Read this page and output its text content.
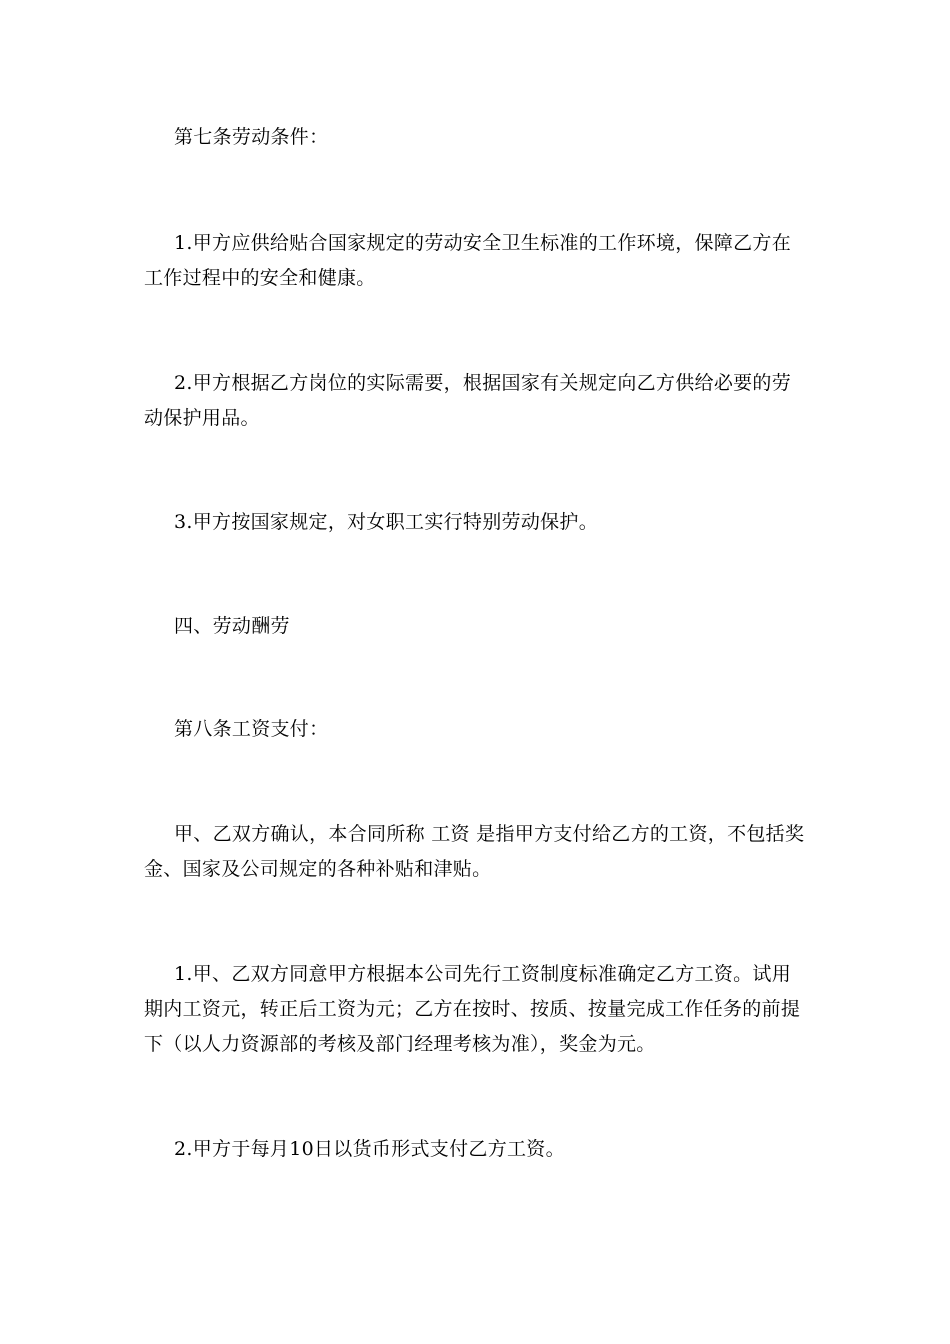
第七条劳动条件：

1.甲方应供给贴合国家规定的劳动安全卫生标准的工作环境，保障乙方在工作过程中的安全和健康。

2.甲方根据乙方岗位的实际需要，根据国家有关规定向乙方供给必要的劳动保护用品。

3.甲方按国家规定，对女职工实行特别劳动保护。

四、劳动酬劳

第八条工资支付：

甲、乙双方确认，本合同所称 工资 是指甲方支付给乙方的工资，不包括奖金、国家及公司规定的各种补贴和津贴。

1.甲、乙双方同意甲方根据本公司先行工资制度标准确定乙方工资。试用期内工资元，转正后工资为元；乙方在按时、按质、按量完成工作任务的前提下（以人力资源部的考核及部门经理考核为准），奖金为元。

2.甲方于每月10日以货币形式支付乙方工资。
